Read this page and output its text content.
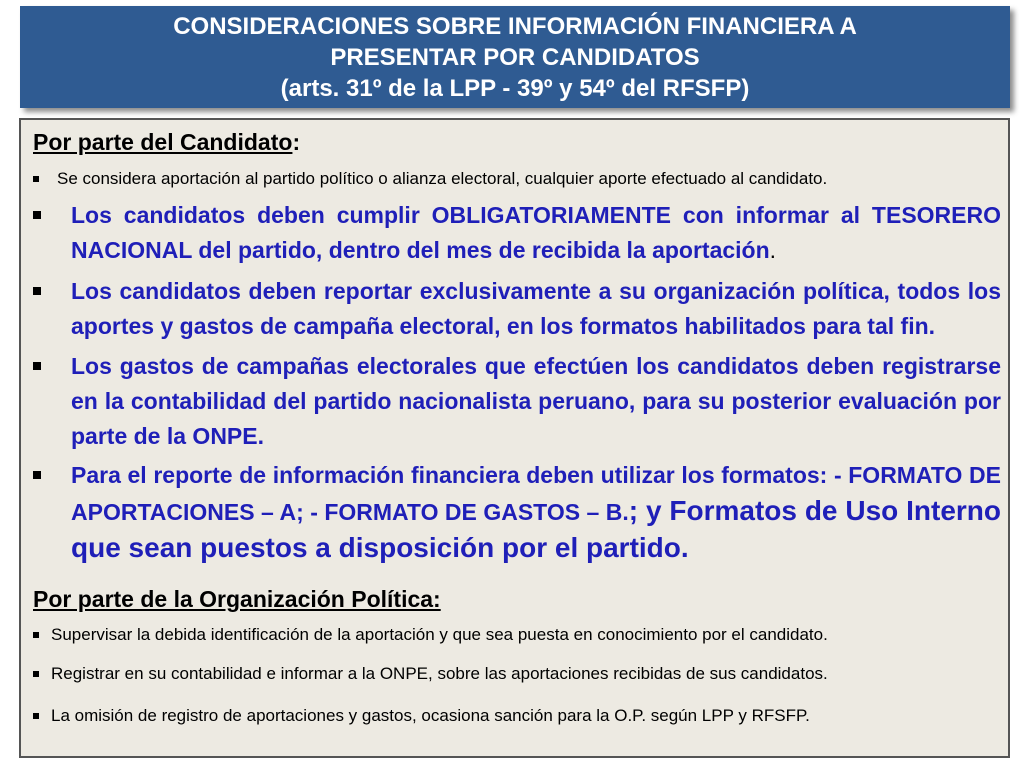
CONSIDERACIONES SOBRE INFORMACIÓN FINANCIERA A
PRESENTAR POR CANDIDATOS
(arts. 31º de la LPP - 39º y 54º del RFSFP)
Por parte del Candidato:
Se considera aportación al partido político o alianza electoral, cualquier aporte efectuado al candidato.
Los candidatos deben cumplir OBLIGATORIAMENTE con informar al TESORERO NACIONAL del partido, dentro del mes de recibida la aportación.
Los candidatos deben reportar exclusivamente a su organización política, todos los aportes y gastos de campaña electoral, en los formatos habilitados para tal fin.
Los gastos de campañas electorales que efectúen los candidatos deben registrarse en la contabilidad del partido nacionalista peruano, para su posterior evaluación por parte de la ONPE.
Para el reporte de información financiera deben utilizar los formatos: - FORMATO DE APORTACIONES – A; - FORMATO DE GASTOS – B.; y Formatos de Uso Interno que sean puestos a disposición por el partido.
Por parte de la Organización Política:
Supervisar la debida identificación de la aportación y que sea puesta en conocimiento por el candidato.
Registrar en su contabilidad e informar a la ONPE, sobre las aportaciones recibidas de sus candidatos.
La omisión de registro de aportaciones y gastos, ocasiona sanción para la O.P. según LPP y RFSFP.
